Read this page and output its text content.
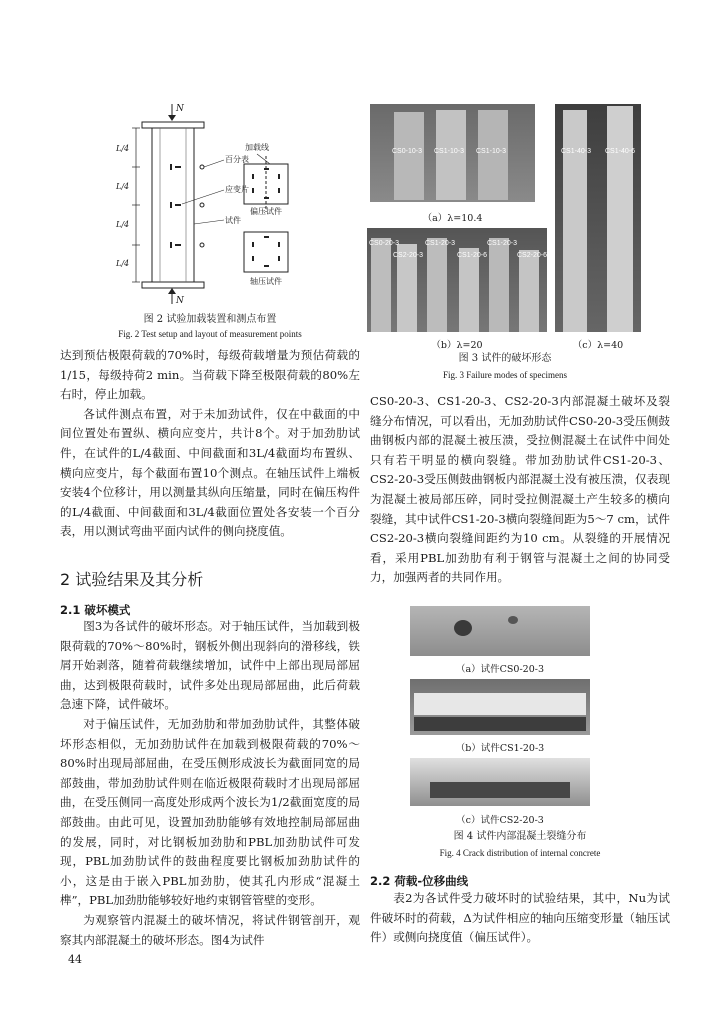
N
N
L/4
L/4
L/4
L/4
百分表
应变片
试件
加载线
偏压试件
轴压试件
图 2 试验加载装置和测点布置
Fig. 2 Test setup and layout of measurement points

达到预估极限荷载的70%时，每级荷载增量为预估荷载的1/15，每级持荷2 min。当荷载下降至极限荷载的80%左右时，停止加载。

各试件测点布置，对于未加劲试件，仅在中截面的中间位置处布置纵、横向应变片，共计8个。对于加劲肋试件，在试件的L/4截面、中间截面和3L/4截面均布置纵、横向应变片，每个截面布置10个测点。在轴压试件上端板安装4个位移计，用以测量其纵向压缩量，同时在偏压构件的L/4截面、中间截面和3L/4截面位置处各安装一个百分表，用以测试弯曲平面内试件的侧向挠度值。

2 试验结果及其分析
2.1 破坏模式

图3为各试件的破坏形态。对于轴压试件，当加载到极限荷载的70%～80%时，钢板外侧出现斜向的滑移线，铁屑开始剥落，随着荷载继续增加，试件中上部出现局部屈曲，达到极限荷载时，试件多处出现局部屈曲，此后荷载急速下降，试件破坏。

对于偏压试件，无加劲肋和带加劲肋试件，其整体破坏形态相似，无加劲肋试件在加载到极限荷载的70%～80%时出现局部屈曲，在受压侧形成波长为截面同宽的局部鼓曲，带加劲肋试件则在临近极限荷载时才出现局部屈曲，在受压侧同一高度处形成两个波长为1/2截面宽度的局部鼓曲。由此可见，设置加劲肋能够有效地控制局部屈曲的发展，同时，对比钢板加劲肋和PBL加劲肋试件可发现，PBL加劲肋试件的鼓曲程度要比钢板加劲肋试件的小，这是由于嵌入PBL加劲肋，使其孔内形成“混凝土榫”，PBL加劲肋能够较好地约束钢管管壁的变形。

为观察管内混凝土的破坏情况，将试件钢管剖开，观察其内部混凝土的破坏形态。图4为试件

44
CS0-10-3 CS1-10-3 CS1-10-3
（a）λ=10.4
CS0-20-3
CS2-20-3
CS1-20-3
CS1-20-6
CS1-20-3
CS2-20-6
（b）λ=20
CS1-40-3 CS1-40-6
（c）λ=40
图 3 试件的破坏形态
Fig. 3 Failure modes of specimens

CS0-20-3、CS1-20-3、CS2-20-3内部混凝土破坏及裂缝分布情况，可以看出，无加劲肋试件CS0-20-3受压侧鼓曲钢板内部的混凝土被压溃，受拉侧混凝土在试件中间处只有若干明显的横向裂缝。带加劲肋试件CS1-20-3、CS2-20-3受压侧鼓曲钢板内部混凝土没有被压溃，仅表现为混凝土被局部压碎，同时受拉侧混凝土产生较多的横向裂缝，其中试件CS1-20-3横向裂缝间距为5～7 cm，试件CS2-20-3横向裂缝间距约为10 cm。从裂缝的开展情况看，采用PBL加劲肋有利于钢管与混凝土之间的协同受力，加强两者的共同作用。

（a）试件CS0-20-3
（b）试件CS1-20-3
（c）试件CS2-20-3
图 4 试件内部混凝土裂缝分布
Fig. 4 Crack distribution of internal concrete
2.2 荷载-位移曲线

表2为各试件受力破坏时的试验结果，其中，Nu为试件破坏时的荷载，Δ为试件相应的轴向压缩变形量（轴压试件）或侧向挠度值（偏压试件）。
